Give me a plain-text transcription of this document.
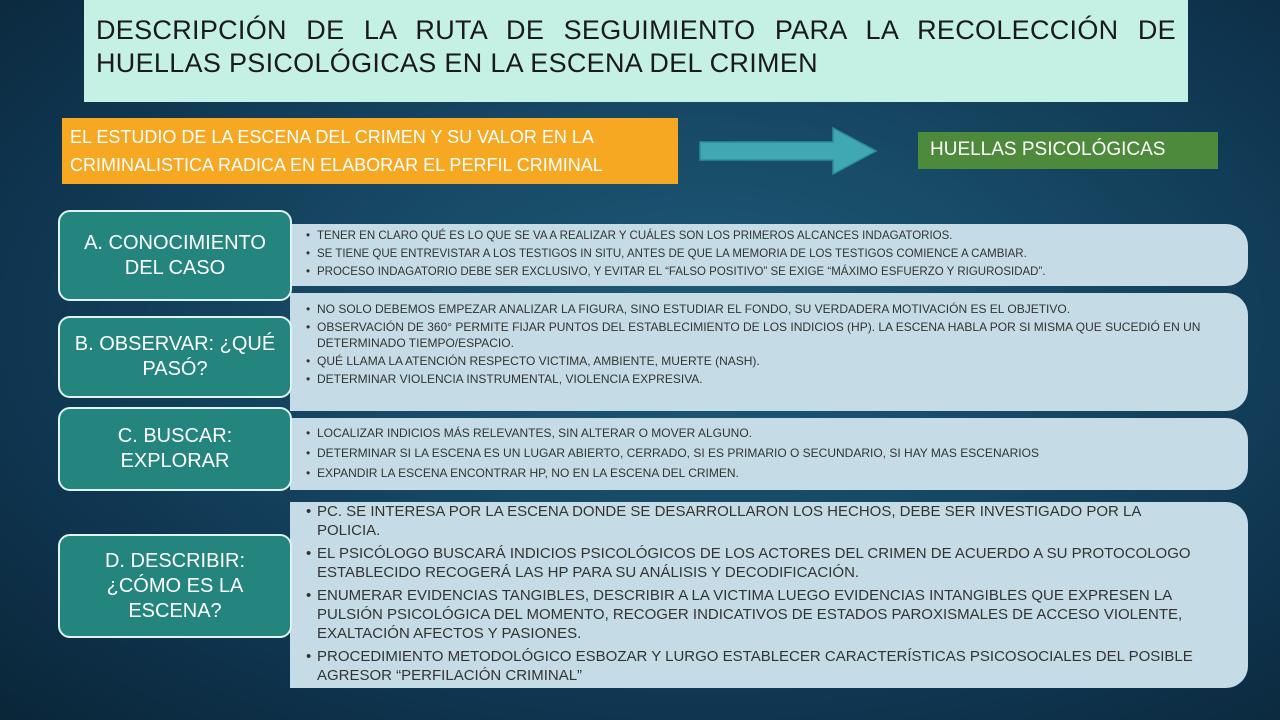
DESCRIPCIÓN DE LA RUTA DE SEGUIMIENTO PARA LA RECOLECCIÓN DE HUELLAS PSICOLÓGICAS EN LA ESCENA DEL CRIMEN
EL ESTUDIO DE LA ESCENA DEL CRIMEN Y SU VALOR EN LA CRIMINALISTICA RADICA EN ELABORAR EL PERFIL CRIMINAL
HUELLAS PSICOLÓGICAS
• TENER EN CLARO QUÉ ES LO QUE SE VA A REALIZAR Y CUÁLES SON LOS PRIMEROS ALCANCES INDAGATORIOS.
• SE TIENE QUE ENTREVISTAR A LOS TESTIGOS IN SITU, ANTES DE QUE LA MEMORIA DE LOS TESTIGOS COMIENCE A CAMBIAR.
• PROCESO INDAGATORIO DEBE SER EXCLUSIVO, Y EVITAR EL “FALSO POSITIVO” SE EXIGE “MÁXIMO ESFUERZO Y RIGUROSIDAD”.
• NO SOLO DEBEMOS EMPEZAR ANALIZAR LA FIGURA, SINO ESTUDIAR EL FONDO, SU VERDADERA MOTIVACIÓN ES EL OBJETIVO.
• OBSERVACIÓN DE 360° PERMITE FIJAR PUNTOS DEL ESTABLECIMIENTO DE LOS INDICIOS (HP). LA ESCENA HABLA POR SI MISMA QUE SUCEDIÓ EN UN DETERMINADO TIEMPO/ESPACIO.
• QUÉ LLAMA LA ATENCIÓN RESPECTO VICTIMA, AMBIENTE, MUERTE (NASH).
• DETERMINAR VIOLENCIA INSTRUMENTAL, VIOLENCIA EXPRESIVA.
• LOCALIZAR INDICIOS MÁS RELEVANTES, SIN ALTERAR O MOVER ALGUNO.
• DETERMINAR SI LA ESCENA ES UN LUGAR ABIERTO, CERRADO, SI ES PRIMARIO O SECUNDARIO, SI HAY MAS ESCENARIOS
• EXPANDIR LA ESCENA ENCONTRAR HP, NO EN LA ESCENA DEL CRIMEN.
• PC. SE INTERESA POR LA ESCENA DONDE SE DESARROLLARON LOS HECHOS, DEBE SER INVESTIGADO POR LA POLICIA.
• EL PSICÓLOGO BUSCARÁ INDICIOS PSICOLÓGICOS DE LOS ACTORES DEL CRIMEN DE ACUERDO A SU PROTOCOLOGO ESTABLECIDO RECOGERÁ LAS HP PARA SU ANÁLISIS Y DECODIFICACIÓN.
• ENUMERAR EVIDENCIAS TANGIBLES, DESCRIBIR A LA VICTIMA LUEGO EVIDENCIAS INTANGIBLES QUE EXPRESEN LA PULSIÓN PSICOLÓGICA DEL MOMENTO, RECOGER INDICATIVOS DE ESTADOS PAROXISMALES DE ACCESO VIOLENTE, EXALTACIÓN AFECTOS Y PASIONES.
• PROCEDIMIENTO METODOLÓGICO ESBOZAR Y LURGO ESTABLECER CARACTERÍSTICAS PSICOSOCIALES DEL POSIBLE AGRESOR “PERFILACIÓN CRIMINAL”
A. CONOCIMIENTO DEL CASO
B. OBSERVAR: ¿QUÉ PASÓ?
C. BUSCAR: EXPLORAR
D. DESCRIBIR: ¿CÓMO ES LA ESCENA?
